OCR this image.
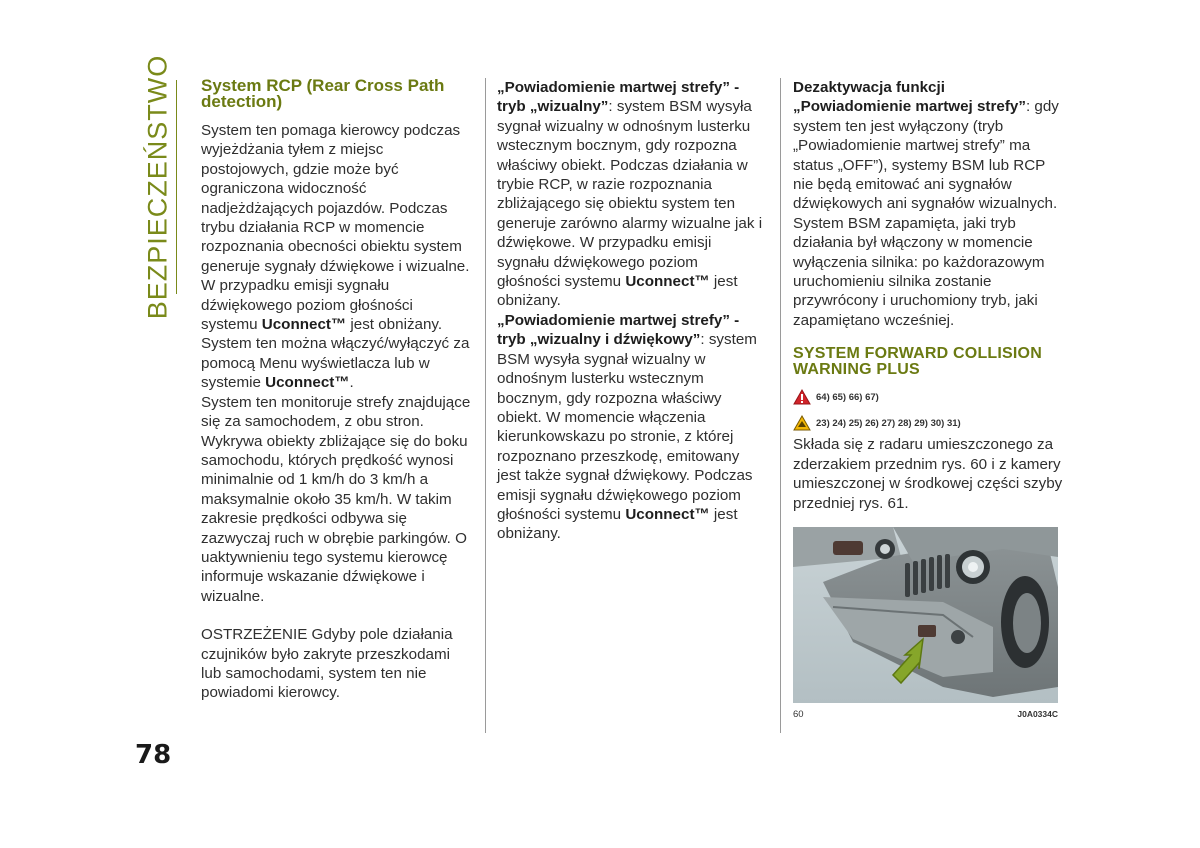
BEZPIECZEŃSTWO System RCP (Rear Cross Path detection)

System ten pomaga kierowcy podczas wyjeżdżania tyłem z miejsc postojowych, gdzie może być ograniczona widoczność nadjeżdżających pojazdów. Podczas trybu działania RCP w momencie rozpoznania obecności obiektu system generuje sygnały dźwiękowe i wizualne. W przypadku emisji sygnału dźwiękowego poziom głośności systemu Uconnect™ jest obniżany. System ten można włączyć/wyłączyć za pomocą Menu wyświetlacza lub w systemie Uconnect™.

System ten monitoruje strefy znajdujące się za samochodem, z obu stron. Wykrywa obiekty zbliżające się do boku samochodu, których prędkość wynosi minimalnie od 1 km/h do 3 km/h a maksymalnie około 35 km/h. W takim zakresie prędkości odbywa się zazwyczaj ruch w obrębie parkingów. O uaktywnieniu tego systemu kierowcę informuje wskazanie dźwiękowe i wizualne.

OSTRZEŻENIE Gdyby pole działania czujników było zakryte przeszkodami lub samochodami, system ten nie powiadomi kierowcy.

„Powiadomienie martwej strefy” - tryb „wizualny”: system BSM wysyła sygnał wizualny w odnośnym lusterku wstecznym bocznym, gdy rozpozna właściwy obiekt. Podczas działania w trybie RCP, w razie rozpoznania zbliżającego się obiektu system ten generuje zarówno alarmy wizualne jak i dźwiękowe. W przypadku emisji sygnału dźwiękowego poziom głośności systemu Uconnect™ jest obniżany.

„Powiadomienie martwej strefy” - tryb „wizualny i dźwiękowy”: system BSM wysyła sygnał wizualny w odnośnym lusterku wstecznym bocznym, gdy rozpozna właściwy obiekt. W momencie włączenia kierunkowskazu po stronie, z której rozpoznano przeszkodę, emitowany jest także sygnał dźwiękowy. Podczas emisji sygnału dźwiękowego poziom głośności systemu Uconnect™ jest obniżany.

Dezaktywacja funkcji „Powiadomienie martwej strefy”: gdy system ten jest wyłączony (tryb „Powiadomienie martwej strefy” ma status „OFF”), systemy BSM lub RCP nie będą emitować ani sygnałów dźwiękowych ani sygnałów wizualnych. System BSM zapamięta, jaki tryb działania był włączony w momencie wyłączenia silnika: po każdorazowym uruchomieniu silnika zostanie przywrócony i uruchomiony tryb, jaki zapamiętano wcześniej.

SYSTEM FORWARD COLLISION WARNING PLUS
64) 65) 66) 67)
23) 24) 25) 26) 27) 28) 29) 30) 31)

Składa się z radaru umieszczonego za zderzakiem przednim rys. 60 i z kamery umieszczonej w środkowej części szyby przedniej rys. 61.

60	J0A0334C
78
